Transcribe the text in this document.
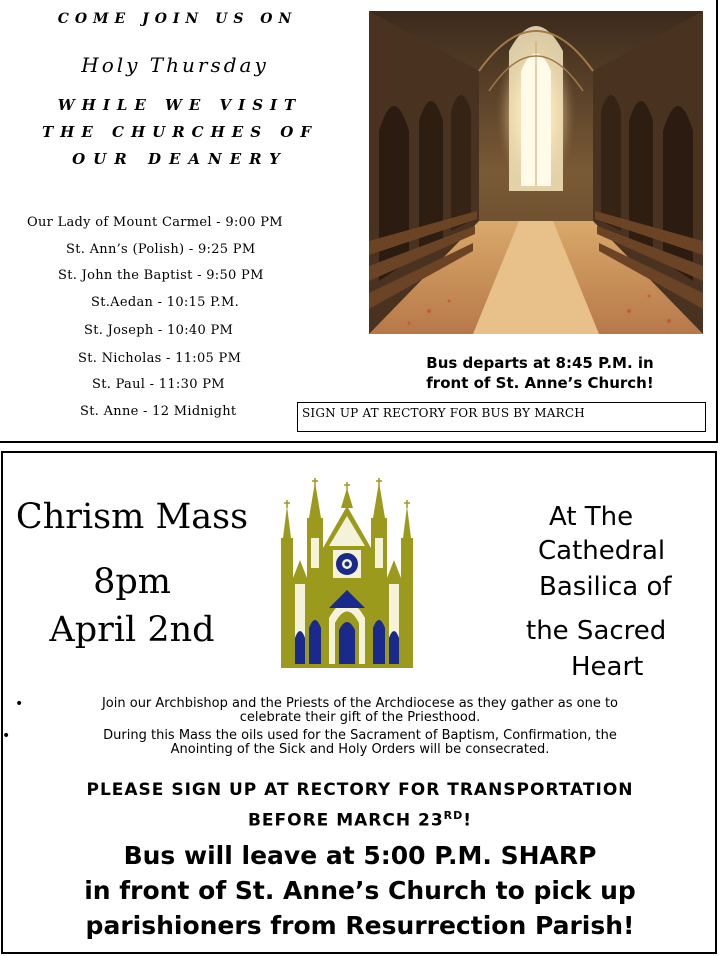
COME JOIN US ON
Holy Thursday
WHILE WE VISIT
THE CHURCHES OF
OUR DEANERY
Our Lady of Mount Carmel - 9:00 PM
St. Ann’s (Polish) - 9:25 PM
St. John the Baptist - 9:50 PM
St.Aedan - 10:15 P.M.
St. Joseph - 10:40 PM
St. Nicholas - 11:05 PM
St. Paul - 11:30 PM
St. Anne - 12 Midnight
Bus departs at 8:45 P.M. in
front of St. Anne’s Church!
SIGN UP AT RECTORY FOR BUS BY MARCH
Chrism Mass
8pm
April 2nd
At The
Cathedral
Basilica of
the Sacred
Heart
•	Join our Archbishop and the Priests of the Archdiocese as they gather as one to
celebrate their gift of the Priesthood.
•	During this Mass the oils used for the Sacrament of Baptism, Confirmation, the
Anointing of the Sick and Holy Orders will be consecrated.
PLEASE SIGN UP AT RECTORY FOR TRANSPORTATION
BEFORE MARCH 23RD!
Bus will leave at 5:00 P.M. SHARP
in front of St. Anne’s Church to pick up
parishioners from Resurrection Parish!
